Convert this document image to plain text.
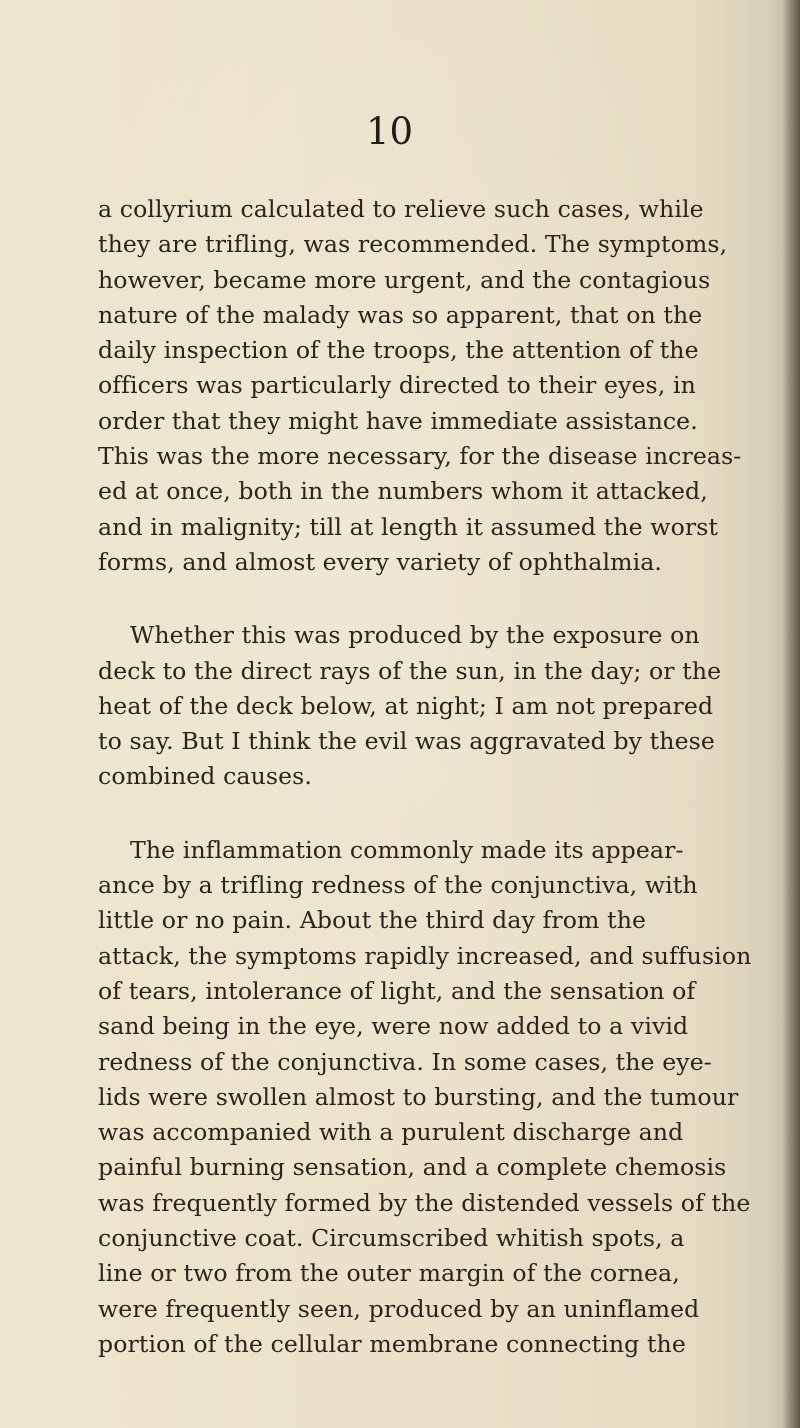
10
a collyrium calculated to relieve such cases, while
they are trifling, was recommended. The symptoms,
however, became more urgent, and the contagious
nature of the malady was so apparent, that on the
daily inspection of the troops, the attention of the
officers was particularly directed to their eyes, in
order that they might have immediate assistance.
This was the more necessary, for the disease increas-
ed at once, both in the numbers whom it attacked,
and in malignity; till at length it assumed the worst
forms, and almost every variety of ophthalmia.
Whether this was produced by the exposure on
deck to the direct rays of the sun, in the day; or the
heat of the deck below, at night; I am not prepared
to say. But I think the evil was aggravated by these
combined causes.
The inflammation commonly made its appear-
ance by a trifling redness of the conjunctiva, with
little or no pain. About the third day from the
attack, the symptoms rapidly increased, and suffusion
of tears, intolerance of light, and the sensation of
sand being in the eye, were now added to a vivid
redness of the conjunctiva. In some cases, the eye-
lids were swollen almost to bursting, and the tumour
was accompanied with a purulent discharge and
painful burning sensation, and a complete chemosis
was frequently formed by the distended vessels of the
conjunctive coat. Circumscribed whitish spots, a
line or two from the outer margin of the cornea,
were frequently seen, produced by an uninflamed
portion of the cellular membrane connecting the
